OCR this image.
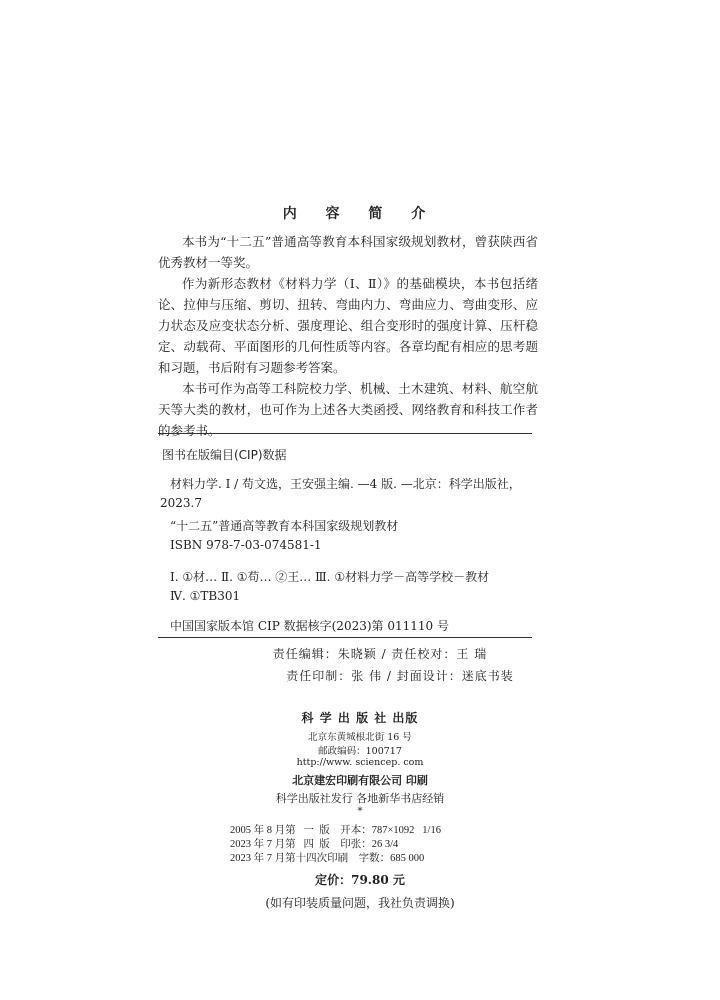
内 容 简 介

本书为“十二五”普通高等教育本科国家级规划教材，曾获陕西省优秀教材一等奖。

作为新形态教材《材料力学（Ⅰ、Ⅱ）》的基础模块，本书包括绪论、拉伸与压缩、剪切、扭转、弯曲内力、弯曲应力、弯曲变形、应力状态及应变状态分析、强度理论、组合变形时的强度计算、压杆稳定、动载荷、平面图形的几何性质等内容。各章均配有相应的思考题和习题，书后附有习题参考答案。

本书可作为高等工科院校力学、机械、土木建筑、材料、航空航天等大类的教材，也可作为上述各大类函授、网络教育和科技工作者的参考书。

图书在版编目(CIP)数据
材料力学. Ⅰ / 苟文选，王安强主编. —4 版. —北京：科学出版社，
2023.7
“十二五”普通高等教育本科国家级规划教材
ISBN 978-7-03-074581-1
Ⅰ. ①材… Ⅱ. ①苟… ②王… Ⅲ. ①材料力学－高等学校－教材
Ⅳ. ①TB301
中国国家版本馆 CIP 数据核字(2023)第 011110 号
责任编辑：朱晓颖 / 责任校对：王 瑞
责任印制：张 伟 / 封面设计：迷底书装
科 学 出 版 社 出版
北京东黄城根北街 16 号
邮政编码：100717
http://www. sciencep. com
北京建宏印刷有限公司 印刷
科学出版社发行 各地新华书店经销
*
2005 年 8 月第   一  版    开本：787×1092   1/16
2023 年 7 月第   四  版    印张：26 3/4
2023 年 7 月第十四次印刷    字数：685 000
定价：79.80 元
(如有印装质量问题，我社负责调换)
